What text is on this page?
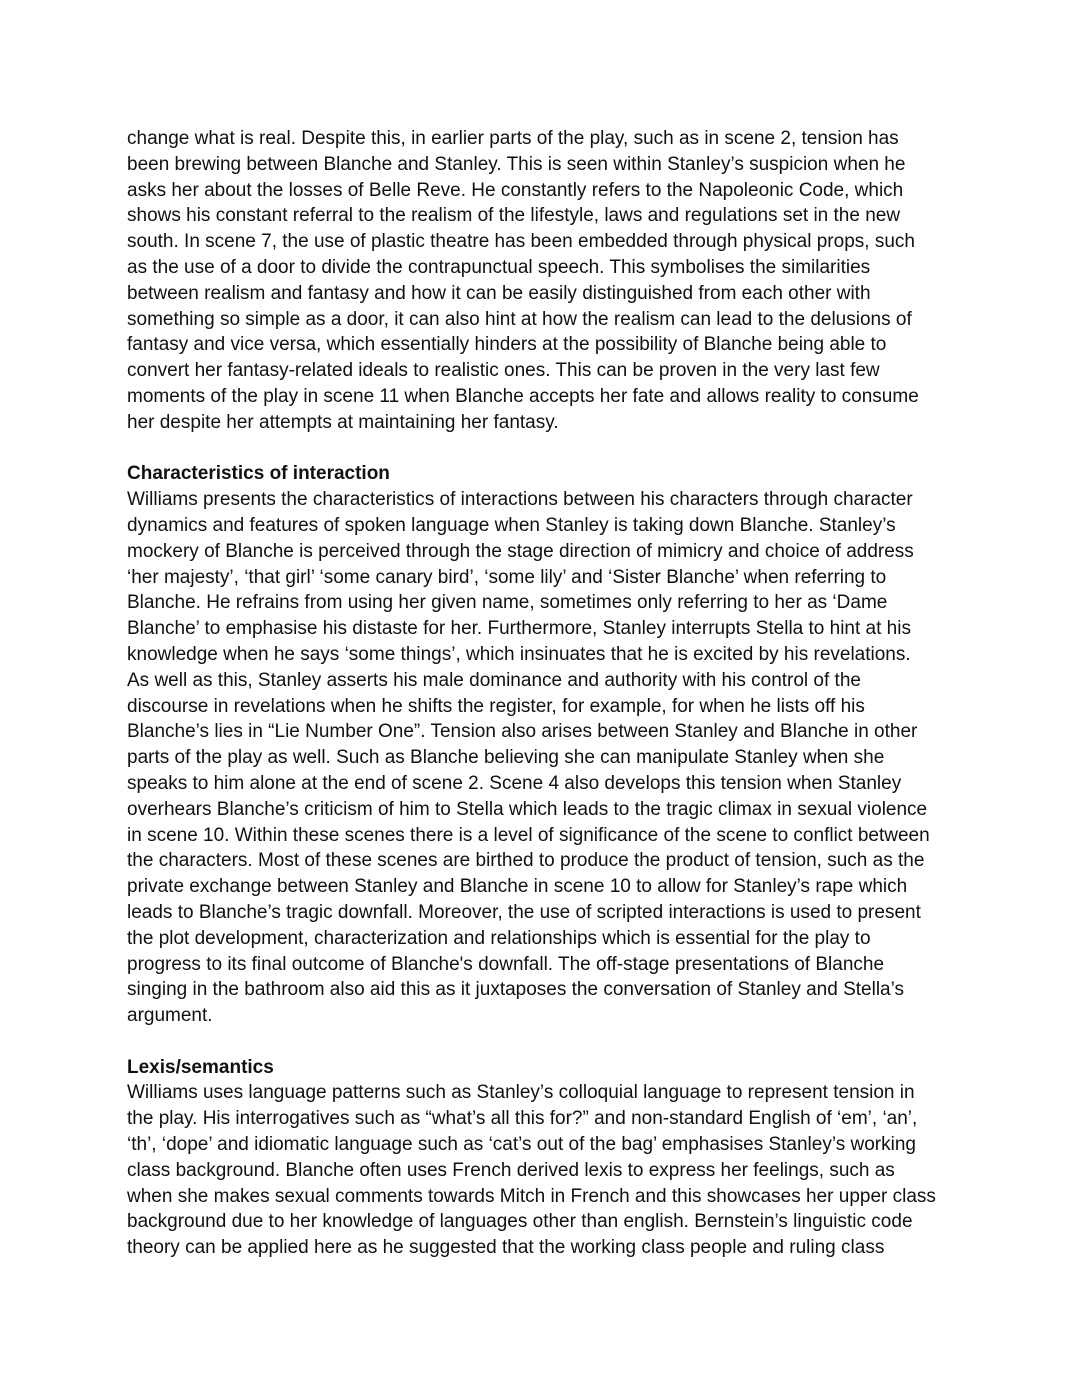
change what is real. Despite this, in earlier parts of the play, such as in scene 2, tension has
been brewing between Blanche and Stanley. This is seen within Stanley’s suspicion when he
asks her about the losses of Belle Reve. He constantly refers to the Napoleonic Code, which
shows his constant referral to the realism of the lifestyle, laws and regulations set in the new
south. In scene 7, the use of plastic theatre has been embedded through physical props, such
as the use of a door to divide the contrapunctual speech. This symbolises the similarities
between realism and fantasy and how it can be easily distinguished from each other with
something so simple as a door, it can also hint at how the realism can lead to the delusions of
fantasy and vice versa, which essentially hinders at the possibility of Blanche being able to
convert her fantasy-related ideals to realistic ones. This can be proven in the very last few
moments of the play in scene 11 when Blanche accepts her fate and allows reality to consume
her despite her attempts at maintaining her fantasy.

Characteristics of interaction

Williams presents the characteristics of interactions between his characters through character
dynamics and features of spoken language when Stanley is taking down Blanche. Stanley’s
mockery of Blanche is perceived through the stage direction of mimicry and choice of address
‘her majesty’, ‘that girl’ ‘some canary bird’, ‘some lily’ and ‘Sister Blanche’ when referring to
Blanche. He refrains from using her given name, sometimes only referring to her as ‘Dame
Blanche’ to emphasise his distaste for her. Furthermore, Stanley interrupts Stella to hint at his
knowledge when he says ‘some things’, which insinuates that he is excited by his revelations.
As well as this, Stanley asserts his male dominance and authority with his control of the
discourse in revelations when he shifts the register, for example, for when he lists off his
Blanche’s lies in “Lie Number One”. Tension also arises between Stanley and Blanche in other
parts of the play as well. Such as Blanche believing she can manipulate Stanley when she
speaks to him alone at the end of scene 2. Scene 4 also develops this tension when Stanley
overhears Blanche’s criticism of him to Stella which leads to the tragic climax in sexual violence
in scene 10. Within these scenes there is a level of significance of the scene to conflict between
the characters. Most of these scenes are birthed to produce the product of tension, such as the
private exchange between Stanley and Blanche in scene 10 to allow for Stanley’s rape which
leads to Blanche’s tragic downfall. Moreover, the use of scripted interactions is used to present
the plot development, characterization and relationships which is essential for the play to
progress to its final outcome of Blanche's downfall. The off-stage presentations of Blanche
singing in the bathroom also aid this as it juxtaposes the conversation of Stanley and Stella’s
argument.

Lexis/semantics

Williams uses language patterns such as Stanley’s colloquial language to represent tension in
the play. His interrogatives such as “what’s all this for?” and non-standard English of ‘em’, ‘an’,
‘th’, ‘dope’ and idiomatic language such as ‘cat’s out of the bag’ emphasises Stanley’s working
class background. Blanche often uses French derived lexis to express her feelings, such as
when she makes sexual comments towards Mitch in French and this showcases her upper class
background due to her knowledge of languages other than english. Bernstein’s linguistic code
theory can be applied here as he suggested that the working class people and ruling class
